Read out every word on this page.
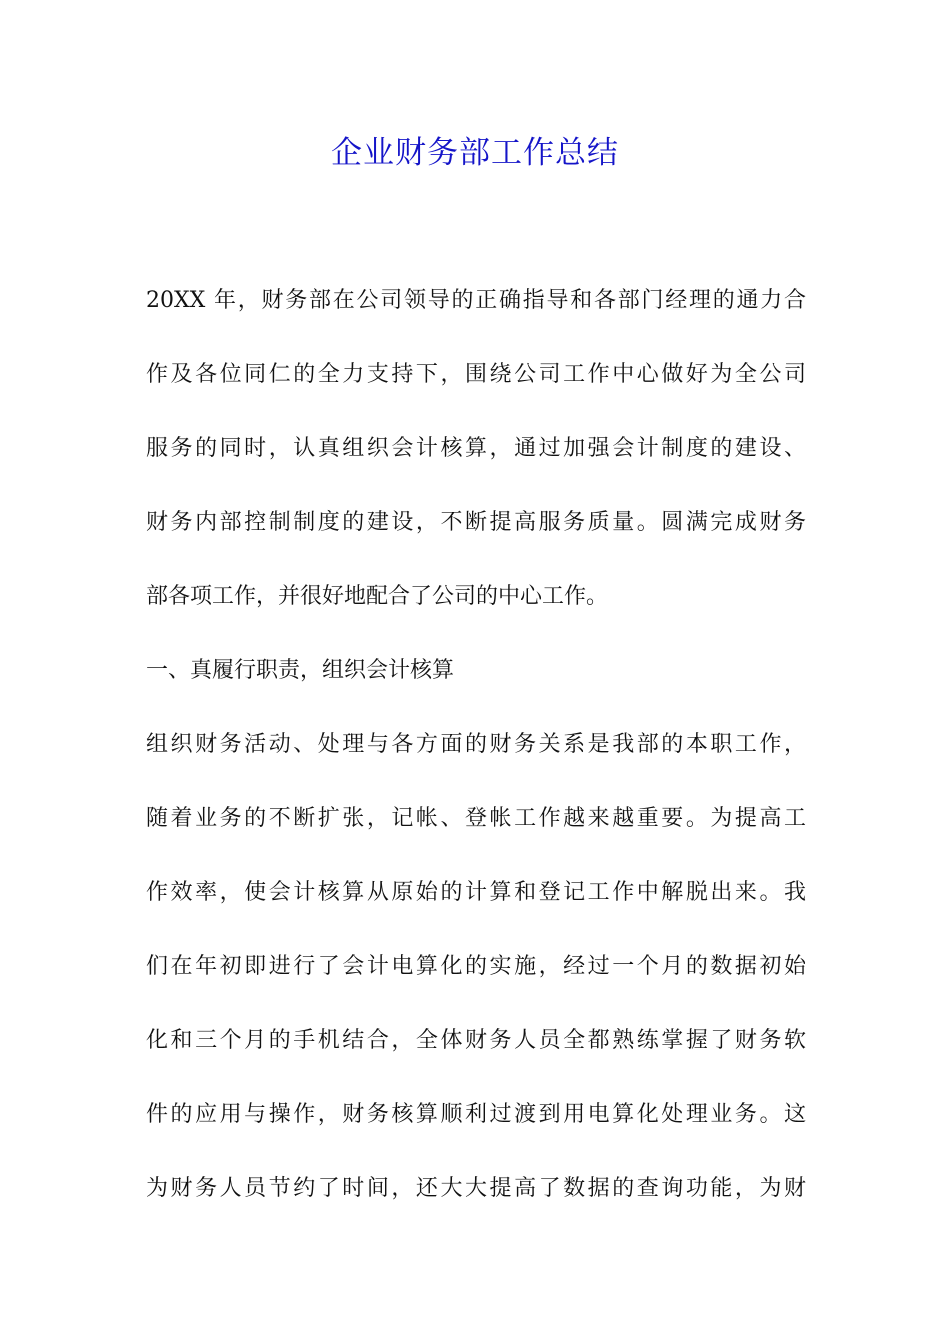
企业财务部工作总结
20XX 年，财务部在公司领导的正确指导和各部门经理的通力合
作及各位同仁的全力支持下，围绕公司工作中心做好为全公司
服务的同时，认真组织会计核算，通过加强会计制度的建设、
财务内部控制制度的建设，不断提高服务质量。圆满完成财务
部各项工作，并很好地配合了公司的中心工作。
一、真履行职责，组织会计核算
组织财务活动、处理与各方面的财务关系是我部的本职工作，
随着业务的不断扩张，记帐、登帐工作越来越重要。为提高工
作效率，使会计核算从原始的计算和登记工作中解脱出来。我
们在年初即进行了会计电算化的实施，经过一个月的数据初始
化和三个月的手机结合，全体财务人员全都熟练掌握了财务软
件的应用与操作，财务核算顺利过渡到用电算化处理业务。这
为财务人员节约了时间，还大大提高了数据的查询功能，为财
